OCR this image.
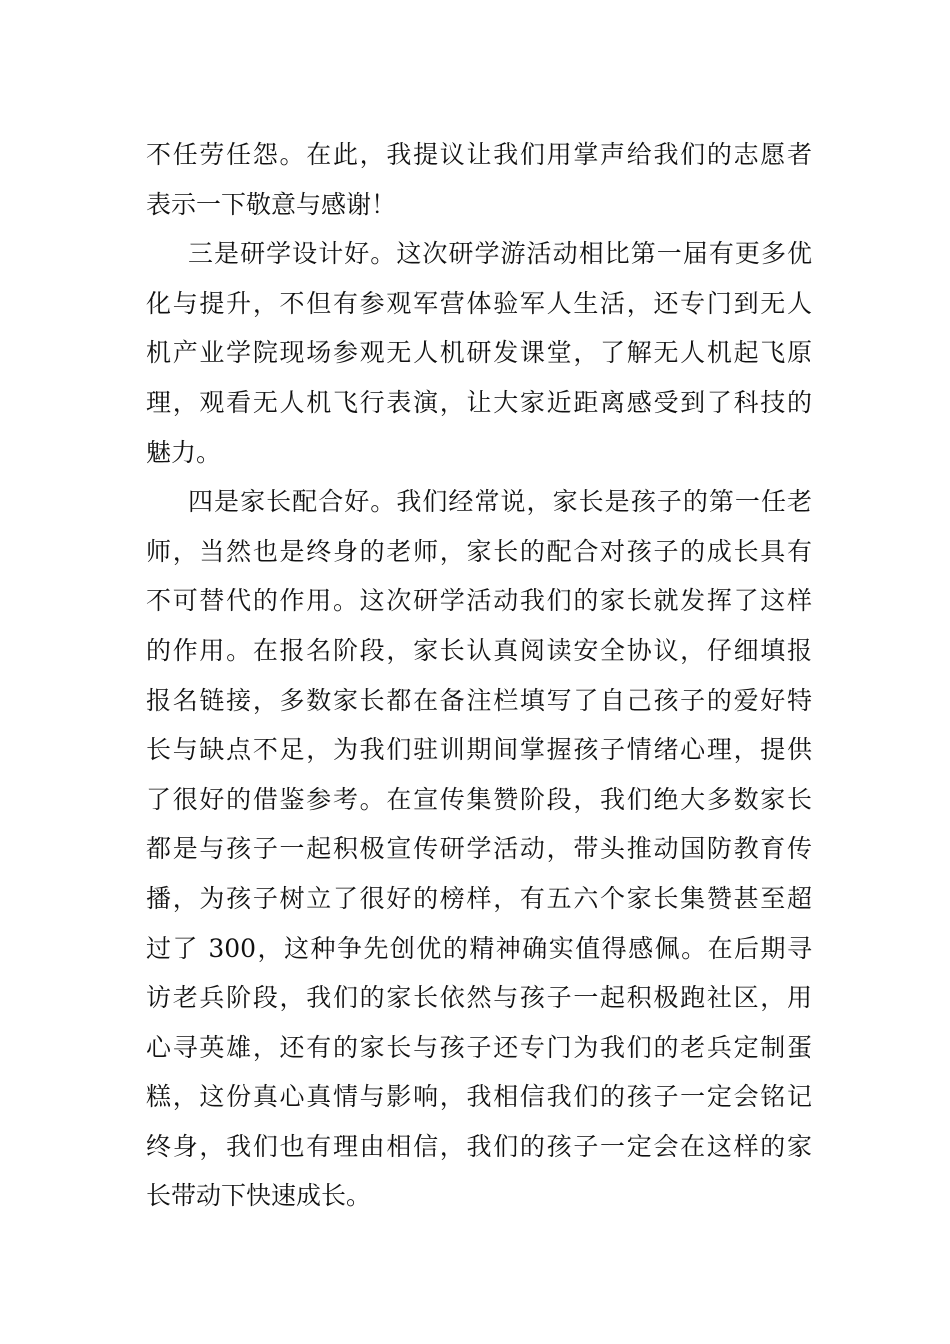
不任劳任怨。在此，我提议让我们用掌声给我们的志愿者
表示一下敬意与感谢！
三是研学设计好。这次研学游活动相比第一届有更多优
化与提升，不但有参观军营体验军人生活，还专门到无人
机产业学院现场参观无人机研发课堂，了解无人机起飞原
理，观看无人机飞行表演，让大家近距离感受到了科技的
魅力。
四是家长配合好。我们经常说，家长是孩子的第一任老
师，当然也是终身的老师，家长的配合对孩子的成长具有
不可替代的作用。这次研学活动我们的家长就发挥了这样
的作用。在报名阶段，家长认真阅读安全协议，仔细填报
报名链接，多数家长都在备注栏填写了自己孩子的爱好特
长与缺点不足，为我们驻训期间掌握孩子情绪心理，提供
了很好的借鉴参考。在宣传集赞阶段，我们绝大多数家长
都是与孩子一起积极宣传研学活动，带头推动国防教育传
播，为孩子树立了很好的榜样，有五六个家长集赞甚至超
过了 300，这种争先创优的精神确实值得感佩。在后期寻
访老兵阶段，我们的家长依然与孩子一起积极跑社区，用
心寻英雄，还有的家长与孩子还专门为我们的老兵定制蛋
糕，这份真心真情与影响，我相信我们的孩子一定会铭记
终身，我们也有理由相信，我们的孩子一定会在这样的家
长带动下快速成长。
